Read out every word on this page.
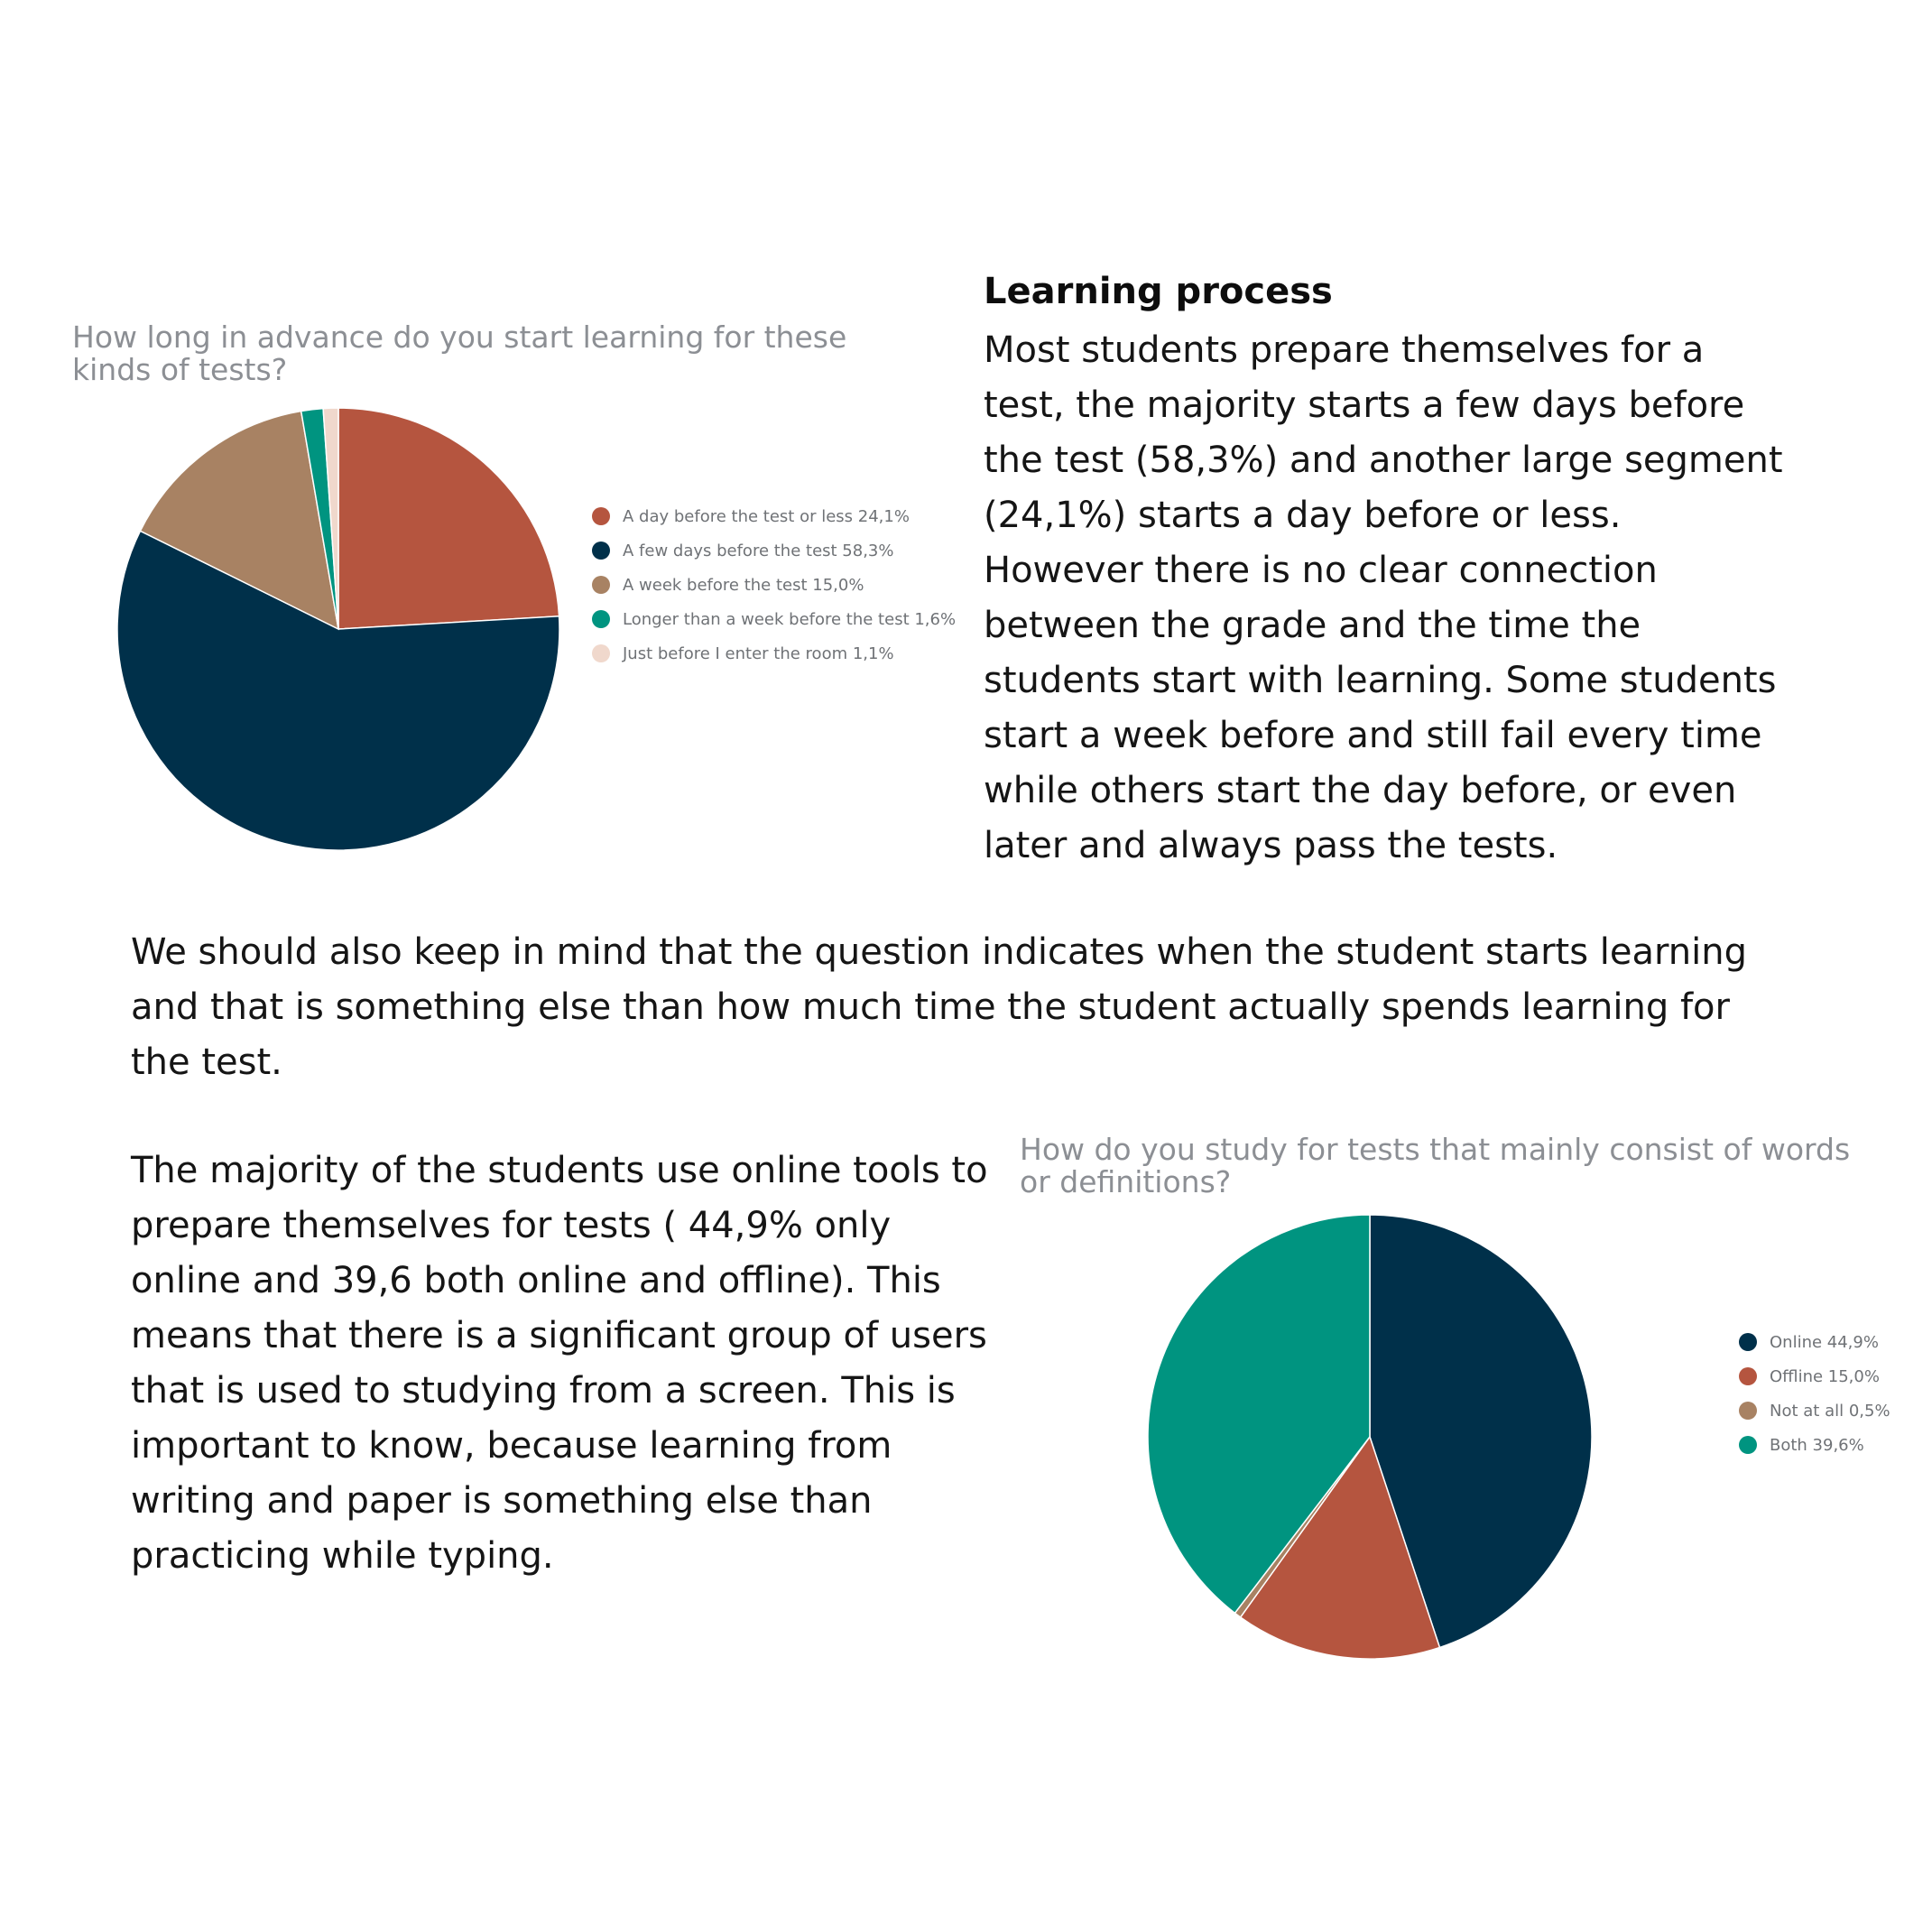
How long in advance do you start learning for these kinds of tests?
A day before the test or less 24,1%
A few days before the test 58,3%
A week before the test 15,0%
Longer than a week before the test 1,6%
Just before I enter the room 1,1%
Learning process
Most students prepare themselves for a test, the majority starts a few days before the test (58,3%) and another large segment (24,1%) starts a day before or less. However there is no clear connection between the grade and the time the students start with learning. Some students start a week before and still fail every time while others start the day before, or even later and always pass the tests.
We should also keep in mind that the question indicates when the student starts learning and that is something else than how much time the student actually spends learning for the test.
The majority of the students use online tools to prepare themselves for tests ( 44,9% only online and 39,6 both online and offline). This means that there is a significant group of users that is used to studying from a screen. This is important to know, because learning from writing and paper is something else than practicing while typing.
How do you study for tests that mainly consist of words or definitions?
Online 44,9%
Offline 15,0%
Not at all 0,5%
Both 39,6%
